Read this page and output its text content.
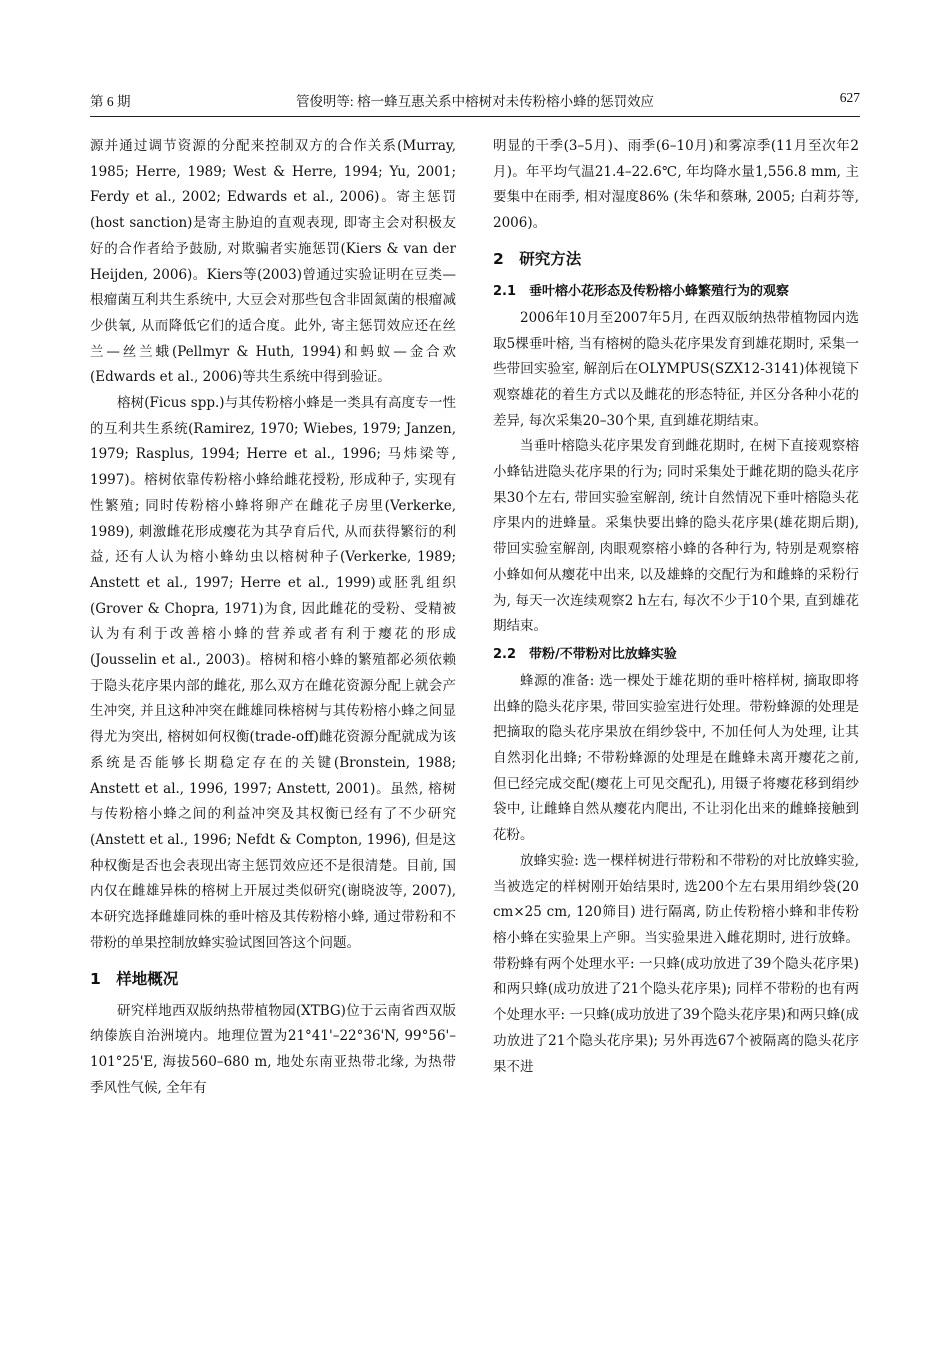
第 6 期	管俊明等: 榕一蜂互惠关系中榕树对未传粉榕小蜂的惩罚效应	627

源并通过调节资源的分配来控制双方的合作关系(Murray, 1985; Herre, 1989; West & Herre, 1994; Yu, 2001; Ferdy et al., 2002; Edwards et al., 2006)。寄主惩罚(host sanction)是寄主胁迫的直观表现, 即寄主会对积极友好的合作者给予鼓励, 对欺骗者实施惩罚(Kiers & van der Heijden, 2006)。Kiers等(2003)曾通过实验证明在豆类—根瘤菌互利共生系统中, 大豆会对那些包含非固氮菌的根瘤减少供氧, 从而降低它们的适合度。此外, 寄主惩罚效应还在丝兰—丝兰蛾(Pellmyr & Huth, 1994)和蚂蚁—金合欢(Edwards et al., 2006)等共生系统中得到验证。

榕树(Ficus spp.)与其传粉榕小蜂是一类具有高度专一性的互利共生系统(Ramirez, 1970; Wiebes, 1979; Janzen, 1979; Rasplus, 1994; Herre et al., 1996; 马炜梁等, 1997)。榕树依靠传粉榕小蜂给雌花授粉, 形成种子, 实现有性繁殖; 同时传粉榕小蜂将卵产在雌花子房里(Verkerke, 1989), 刺激雌花形成瘿花为其孕育后代, 从而获得繁衍的利益, 还有人认为榕小蜂幼虫以榕树种子(Verkerke, 1989; Anstett et al., 1997; Herre et al., 1999)或胚乳组织(Grover & Chopra, 1971)为食, 因此雌花的受粉、受精被认为有利于改善榕小蜂的营养或者有利于瘿花的形成(Jousselin et al., 2003)。榕树和榕小蜂的繁殖都必须依赖于隐头花序果内部的雌花, 那么双方在雌花资源分配上就会产生冲突, 并且这种冲突在雌雄同株榕树与其传粉榕小蜂之间显得尤为突出, 榕树如何权衡(trade-off)雌花资源分配就成为该系统是否能够长期稳定存在的关键(Bronstein, 1988; Anstett et al., 1996, 1997; Anstett, 2001)。虽然, 榕树与传粉榕小蜂之间的利益冲突及其权衡已经有了不少研究(Anstett et al., 1996; Nefdt & Compton, 1996), 但是这种权衡是否也会表现出寄主惩罚效应还不是很清楚。目前, 国内仅在雌雄异株的榕树上开展过类似研究(谢晓波等, 2007), 本研究选择雌雄同株的垂叶榕及其传粉榕小蜂, 通过带粉和不带粉的单果控制放蜂实验试图回答这个问题。

1　样地概况

研究样地西双版纳热带植物园(XTBG)位于云南省西双版纳傣族自治洲境内。地理位置为21°41'–22°36'N, 99°56'–101°25'E, 海拔560–680 m, 地处东南亚热带北缘, 为热带季风性气候, 全年有

明显的干季(3–5月)、雨季(6–10月)和雾凉季(11月至次年2月)。年平均气温21.4–22.6℃, 年均降水量1,556.8 mm, 主要集中在雨季, 相对湿度86% (朱华和蔡琳, 2005; 白莉芬等, 2006)。

2　研究方法
2.1　垂叶榕小花形态及传粉榕小蜂繁殖行为的观察

2006年10月至2007年5月, 在西双版纳热带植物园内选取5棵垂叶榕, 当有榕树的隐头花序果发育到雄花期时, 采集一些带回实验室, 解剖后在OLYMPUS(SZX12-3141)体视镜下观察雄花的着生方式以及雌花的形态特征, 并区分各种小花的差异, 每次采集20–30个果, 直到雄花期结束。

当垂叶榕隐头花序果发育到雌花期时, 在树下直接观察榕小蜂钻进隐头花序果的行为; 同时采集处于雌花期的隐头花序果30个左右, 带回实验室解剖, 统计自然情况下垂叶榕隐头花序果内的进蜂量。采集快要出蜂的隐头花序果(雄花期后期), 带回实验室解剖, 肉眼观察榕小蜂的各种行为, 特别是观察榕小蜂如何从瘿花中出来, 以及雄蜂的交配行为和雌蜂的采粉行为, 每天一次连续观察2 h左右, 每次不少于10个果, 直到雄花期结束。

2.2　带粉/不带粉对比放蜂实验

蜂源的准备: 选一棵处于雄花期的垂叶榕样树, 摘取即将出蜂的隐头花序果, 带回实验室进行处理。带粉蜂源的处理是把摘取的隐头花序果放在绢纱袋中, 不加任何人为处理, 让其自然羽化出蜂; 不带粉蜂源的处理是在雌蜂未离开瘿花之前, 但已经完成交配(瘿花上可见交配孔), 用镊子将瘿花移到绢纱袋中, 让雌蜂自然从瘿花内爬出, 不让羽化出来的雌蜂接触到花粉。

放蜂实验: 选一棵样树进行带粉和不带粉的对比放蜂实验, 当被选定的样树刚开始结果时, 选200个左右果用绢纱袋(20 cm×25 cm, 120筛目) 进行隔离, 防止传粉榕小蜂和非传粉榕小蜂在实验果上产卵。当实验果进入雌花期时, 进行放蜂。带粉蜂有两个处理水平: 一只蜂(成功放进了39个隐头花序果)和两只蜂(成功放进了21个隐头花序果); 同样不带粉的也有两个处理水平: 一只蜂(成功放进了39个隐头花序果)和两只蜂(成功放进了21个隐头花序果); 另外再选67个被隔离的隐头花序果不进
